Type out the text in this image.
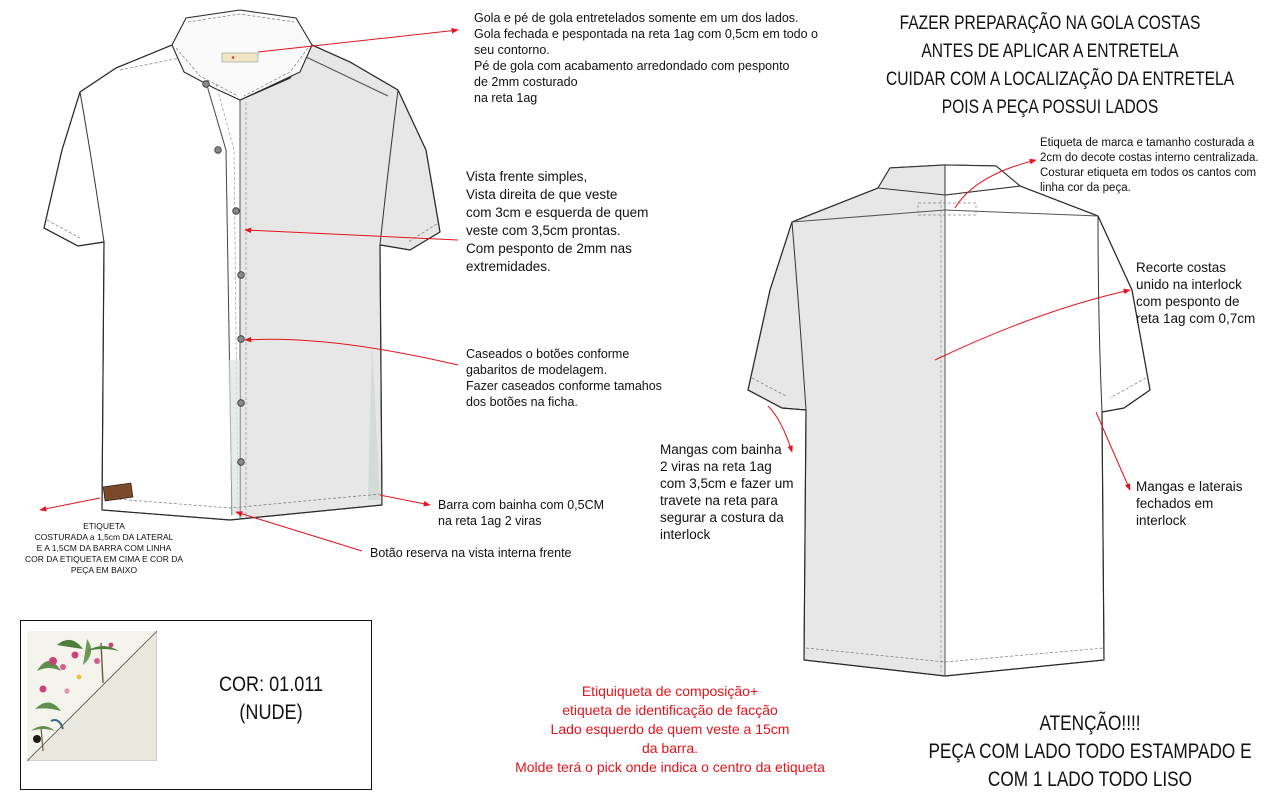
Gola e pé de gola entretelados somente em um dos lados.
Gola fechada e pespontada na reta 1ag com 0,5cm em todo o
seu contorno.
Pé de gola com acabamento arredondado com pesponto
de 2mm costurado
na reta 1ag
Vista frente simples,
Vista direita de que veste
com 3cm e esquerda de quem
veste com 3,5cm prontas.
Com pesponto de 2mm nas
extremidades.
Caseados o botões conforme
gabaritos de modelagem.
Fazer caseados conforme tamahos
dos botões na ficha.
Barra com bainha com 0,5CM
na reta 1ag 2 viras
Botão reserva na vista interna frente
ETIQUETA
COSTURADA a 1,5cm DA LATERAL
E A 1,5CM DA BARRA COM LINHA
COR DA ETIQUETA EM CIMA E COR DA
PEÇA EM BAIXO
Etiqueta de marca e tamanho costurada a
2cm do decote costas interno centralizada.
Costurar etiqueta em todos os cantos com
linha cor da peça.
Recorte costas
unido na interlock
com pesponto de
reta 1ag com 0,7cm
Mangas com bainha
2 viras na reta 1ag
com 3,5cm e fazer um
travete na reta para
segurar a costura da
interlock
Mangas e laterais
fechados em
interlock
FAZER PREPARAÇÃO NA GOLA COSTAS
ANTES DE APLICAR A ENTRETELA
CUIDAR COM A LOCALIZAÇÃO DA ENTRETELA
POIS A PEÇA POSSUI LADOS
ATENÇÃO!!!!
PEÇA COM LADO TODO ESTAMPADO E
COM 1 LADO TODO LISO
Etiquiqueta de composição+
etiqueta de identificação de facção
Lado esquerdo de quem veste a 15cm
da barra.
Molde terá o pick onde indica o centro da etiqueta
COR: 01.011
(NUDE)
